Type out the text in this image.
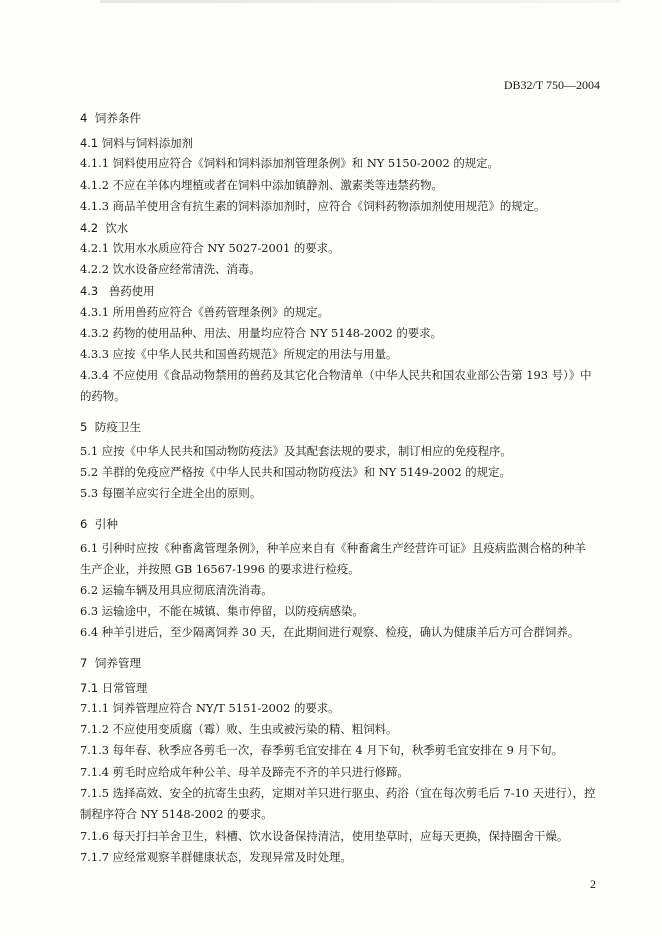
DB32/T 750—2004
4  饲养条件
4.1 饲料与饲料添加剂
4.1.1 饲料使用应符合《饲料和饲料添加剂管理条例》和 NY 5150-2002 的规定。
4.1.2 不应在羊体内埋植或者在饲料中添加镇静剂、激素类等违禁药物。
4.1.3 商品羊使用含有抗生素的饲料添加剂时，应符合《饲料药物添加剂使用规范》的规定。
4.2  饮水
4.2.1 饮用水水质应符合 NY 5027-2001 的要求。
4.2.2 饮水设备应经常清洗、消毒。
4.3   兽药使用
4.3.1 所用兽药应符合《兽药管理条例》的规定。
4.3.2 药物的使用品种、用法、用量均应符合 NY 5148-2002 的要求。
4.3.3 应按《中华人民共和国兽药规范》所规定的用法与用量。
4.3.4 不应使用《食品动物禁用的兽药及其它化合物清单（中华人民共和国农业部公告第 193 号）》中
的药物。
5  防疫卫生
5.1 应按《中华人民共和国动物防疫法》及其配套法规的要求，制订相应的免疫程序。
5.2 羊群的免疫应严格按《中华人民共和国动物防疫法》和 NY 5149-2002 的规定。
5.3 每圈羊应实行全进全出的原则。
6  引种
6.1 引种时应按《种畜禽管理条例》，种羊应来自有《种畜禽生产经营许可证》且疫病监测合格的种羊
生产企业，并按照 GB 16567-1996 的要求进行检疫。
6.2 运输车辆及用具应彻底清洗消毒。
6.3 运输途中，不能在城镇、集市停留，以防疫病感染。
6.4 种羊引进后，至少隔离饲养 30 天，在此期间进行观察、检疫，确认为健康羊后方可合群饲养。
7  饲养管理
7.1 日常管理
7.1.1 饲养管理应符合 NY/T 5151-2002 的要求。
7.1.2 不应使用变质腐（霉）败、生虫或被污染的精、粗饲料。
7.1.3 每年春、秋季应各剪毛一次，春季剪毛宜安排在 4 月下旬，秋季剪毛宜安排在 9 月下旬。
7.1.4 剪毛时应给成年种公羊、母羊及蹄壳不齐的羊只进行修蹄。
7.1.5 选择高效、安全的抗寄生虫药，定期对羊只进行驱虫、药浴（宜在每次剪毛后 7-10 天进行），控
制程序符合 NY 5148-2002 的要求。
7.1.6 每天打扫羊舍卫生，料槽、饮水设备保持清洁，使用垫草时，应每天更换，保持圈舍干燥。
7.1.7 应经常观察羊群健康状态，发现异常及时处理。
2
